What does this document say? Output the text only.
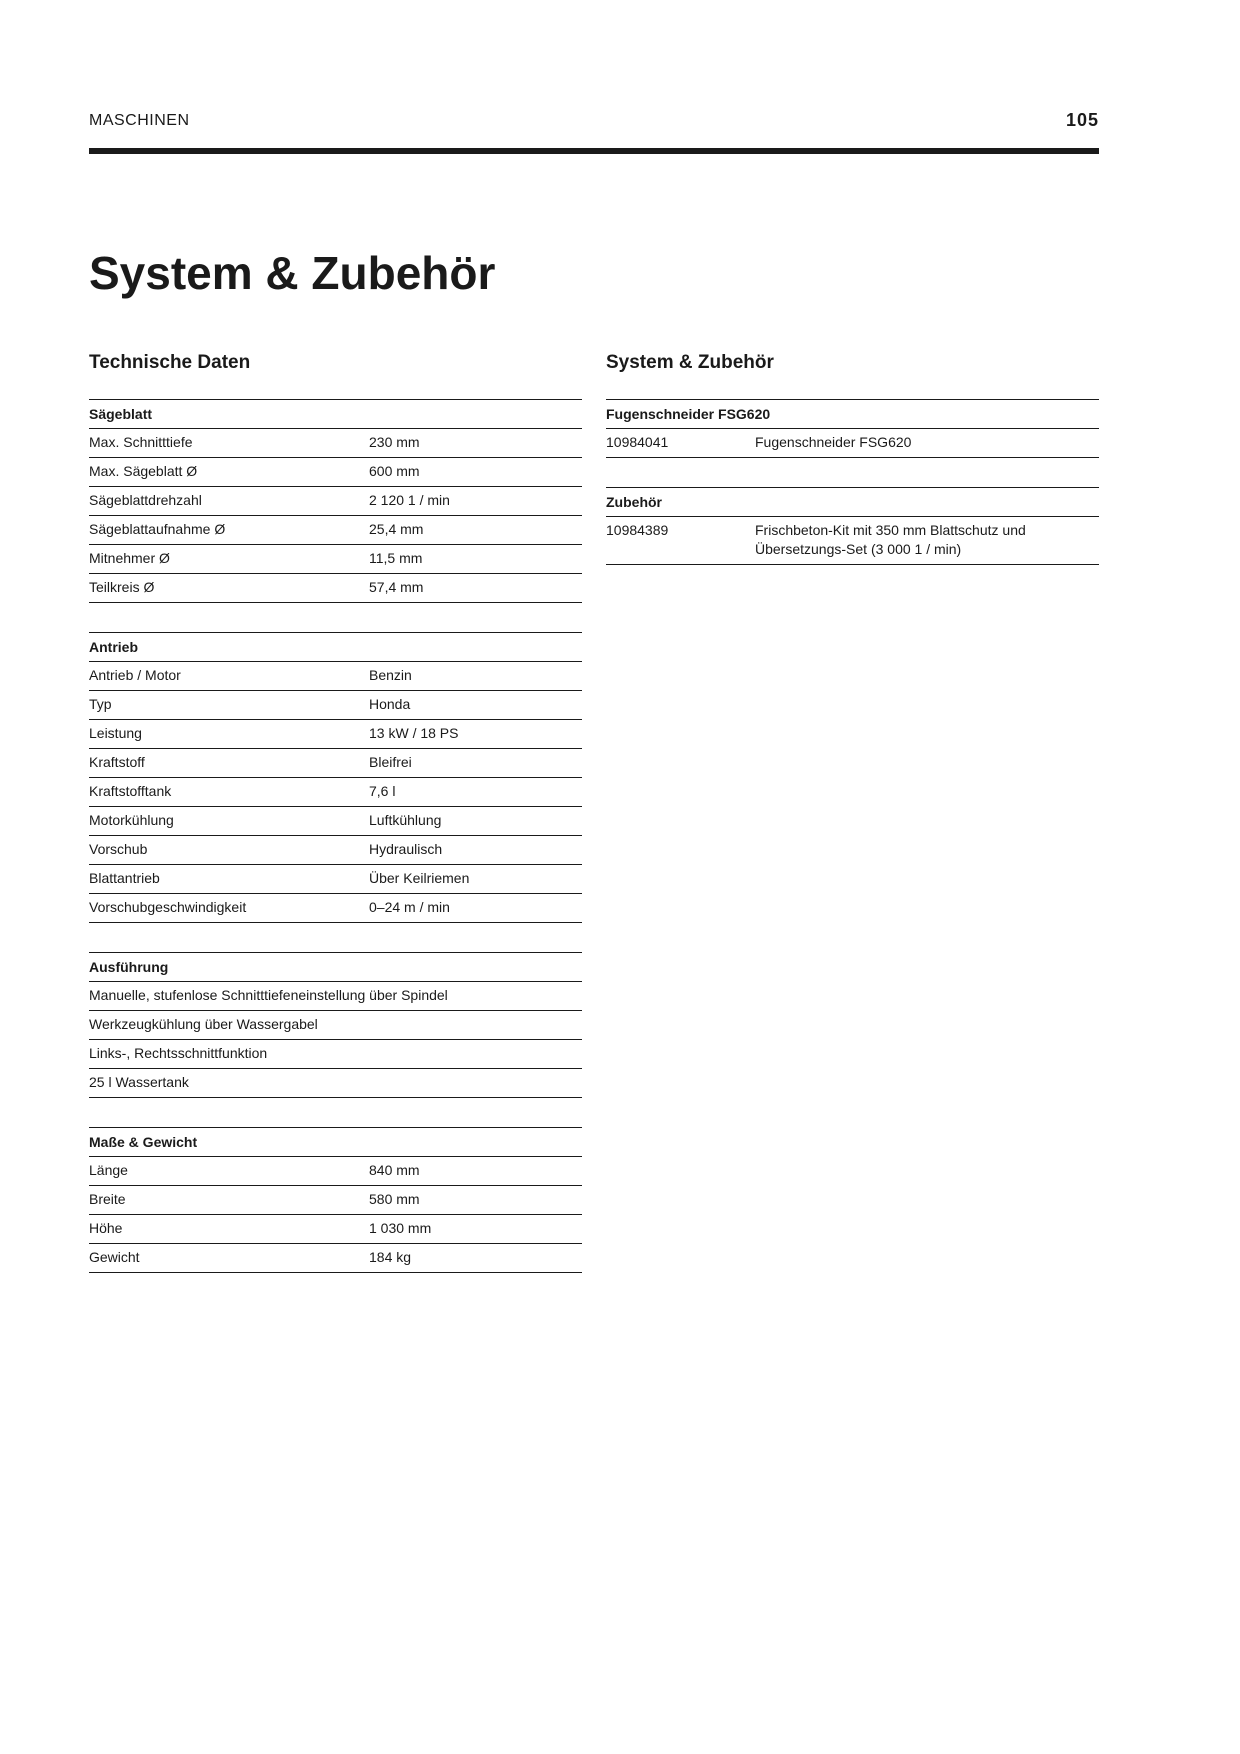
MASCHINEN	105
System & Zubehör
Technische Daten
Sägeblatt
Max. Schnitttiefe	230 mm
Max. Sägeblatt Ø	600 mm
Sägeblattdrehzahl	2 120 1 / min
Sägeblattaufnahme Ø	25,4 mm
Mitnehmer Ø	11,5 mm
Teilkreis Ø	57,4 mm
Antrieb
Antrieb / Motor	Benzin
Typ	Honda
Leistung	13 kW / 18 PS
Kraftstoff	Bleifrei
Kraftstofftank	7,6 l
Motorkühlung	Luftkühlung
Vorschub	Hydraulisch
Blattantrieb	Über Keilriemen
Vorschubgeschwindigkeit	0–24 m / min
Ausführung
Manuelle, stufenlose Schnitttiefeneinstellung über Spindel
Werkzeugkühlung über Wassergabel
Links-, Rechtsschnittfunktion
25 l Wassertank
Maße & Gewicht
Länge	840 mm
Breite	580 mm
Höhe	1 030 mm
Gewicht	184 kg
System & Zubehör
Fugenschneider FSG620
10984041	Fugenschneider FSG620
Zubehör
10984389	Frischbeton-Kit mit 350 mm Blattschutz und Übersetzungs-Set (3 000 1 / min)
